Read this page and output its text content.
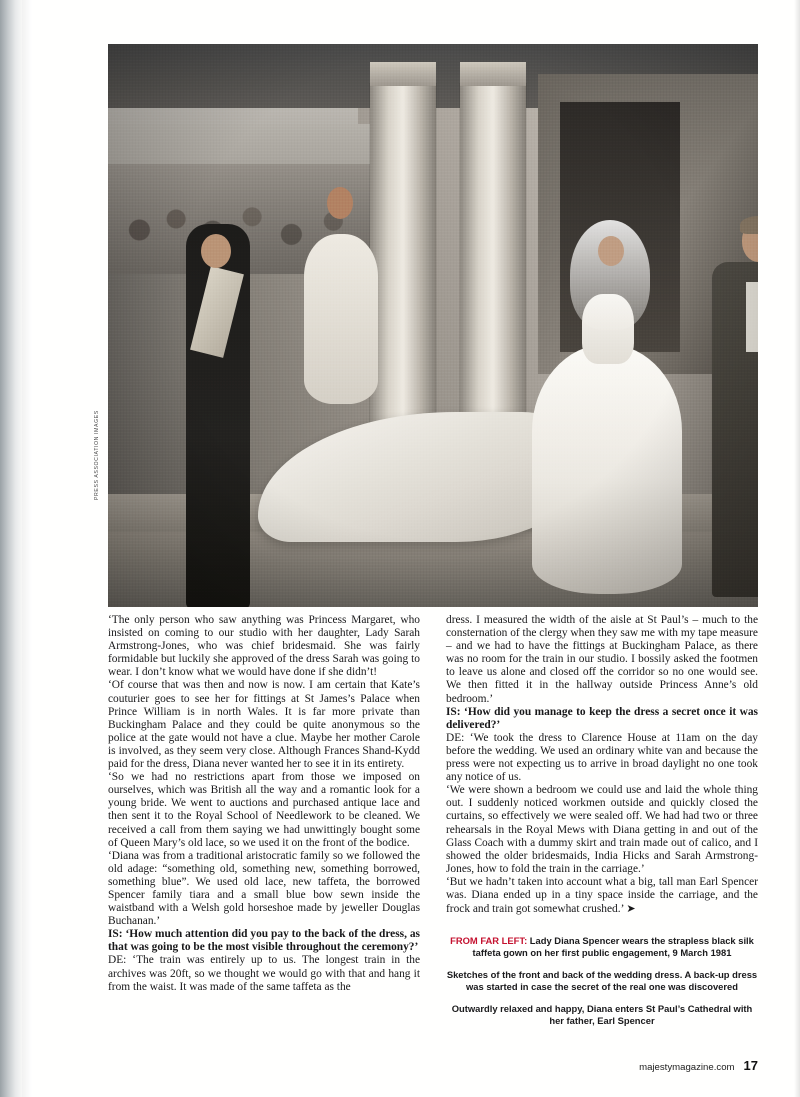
PRESS ASSOCIATION IMAGES

‘The only person who saw anything was Princess Margaret, who insisted on coming to our studio with her daughter, Lady Sarah Armstrong-Jones, who was chief bridesmaid. She was fairly formidable but luckily she approved of the dress Sarah was going to wear. I don’t know what we would have done if she didn’t!

‘Of course that was then and now is now. I am certain that Kate’s couturier goes to see her for fittings at St James’s Palace when Prince William is in north Wales. It is far more private than Buckingham Palace and they could be quite anonymous so the police at the gate would not have a clue. Maybe her mother Carole is involved, as they seem very close. Although Frances Shand-Kydd paid for the dress, Diana never wanted her to see it in its entirety.

‘So we had no restrictions apart from those we imposed on ourselves, which was British all the way and a romantic look for a young bride. We went to auctions and purchased antique lace and then sent it to the Royal School of Needlework to be cleaned. We received a call from them saying we had unwittingly bought some of Queen Mary’s old lace, so we used it on the front of the bodice.

‘Diana was from a traditional aristocratic family so we followed the old adage: “something old, something new, something borrowed, something blue”. We used old lace, new taffeta, the borrowed Spencer family tiara and a small blue bow sewn inside the waistband with a Welsh gold horseshoe made by jeweller Douglas Buchanan.’

IS: ‘How much attention did you pay to the back of the dress, as that was going to be the most visible throughout the ceremony?’

DE: ‘The train was entirely up to us. The longest train in the archives was 20ft, so we thought we would go with that and hang it from the waist. It was made of the same taffeta as the

dress. I measured the width of the aisle at St Paul’s – much to the consternation of the clergy when they saw me with my tape measure – and we had to have the fittings at Buckingham Palace, as there was no room for the train in our studio. I bossily asked the footmen to leave us alone and closed off the corridor so no one would see. We then fitted it in the hallway outside Princess Anne’s old bedroom.’

IS: ‘How did you manage to keep the dress a secret once it was delivered?’

DE: ‘We took the dress to Clarence House at 11am on the day before the wedding. We used an ordinary white van and because the press were not expecting us to arrive in broad daylight no one took any notice of us.

‘We were shown a bedroom we could use and laid the whole thing out. I suddenly noticed workmen outside and quickly closed the curtains, so effectively we were sealed off. We had had two or three rehearsals in the Royal Mews with Diana getting in and out of the Glass Coach with a dummy skirt and train made out of calico, and I showed the older bridesmaids, India Hicks and Sarah Armstrong-Jones, how to fold the train in the carriage.’

‘But we hadn’t taken into account what a big, tall man Earl Spencer was. Diana ended up in a tiny space inside the carriage, and the frock and train got somewhat crushed.’ ➤

FROM FAR LEFT: Lady Diana Spencer wears the strapless black silk taffeta gown on her first public engagement, 9 March 1981
Sketches of the front and back of the wedding dress. A back-up dress was started in case the secret of the real one was discovered
Outwardly relaxed and happy, Diana enters St Paul’s Cathedral with her father, Earl Spencer
majestymagazine.com 17
